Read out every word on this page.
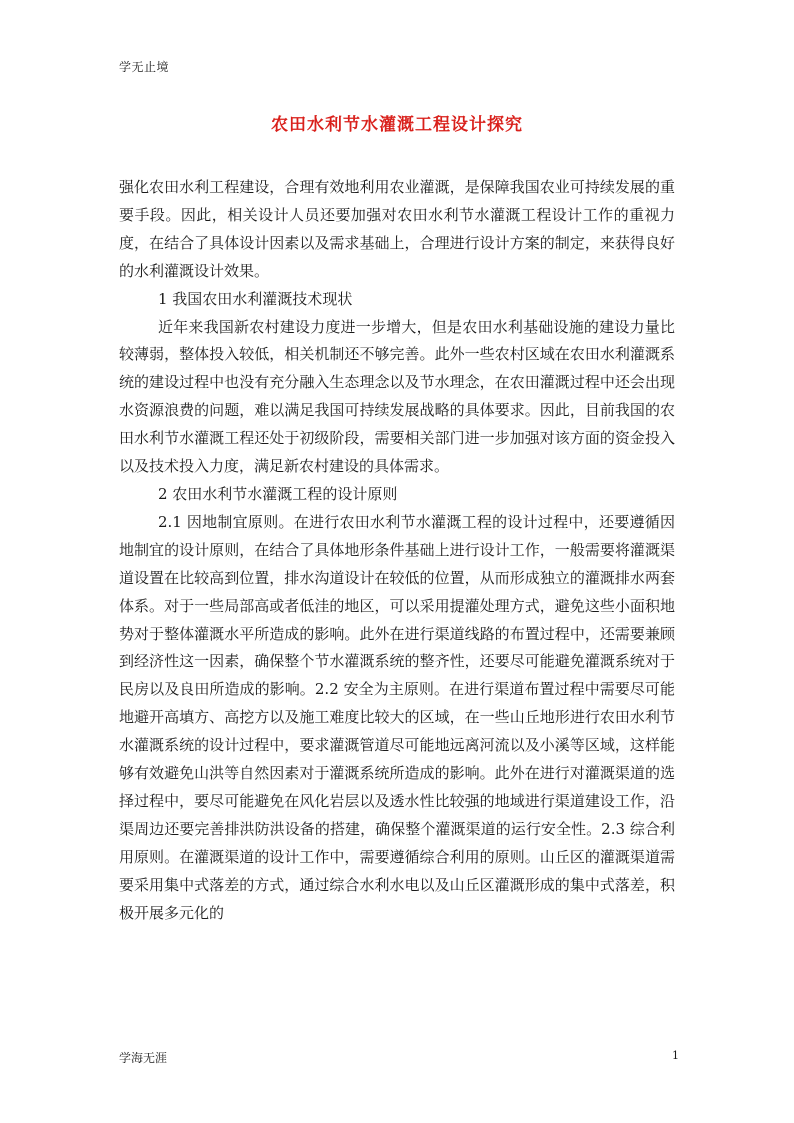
学无止境
农田水利节水灌溉工程设计探究

强化农田水利工程建设，合理有效地利用农业灌溉，是保障我国农业可持续发展的重要手段。因此，相关设计人员还要加强对农田水利节水灌溉工程设计工作的重视力度，在结合了具体设计因素以及需求基础上，合理进行设计方案的制定，来获得良好的水利灌溉设计效果。

1 我国农田水利灌溉技术现状

近年来我国新农村建设力度进一步增大，但是农田水利基础设施的建设力量比较薄弱，整体投入较低，相关机制还不够完善。此外一些农村区域在农田水利灌溉系统的建设过程中也没有充分融入生态理念以及节水理念，在农田灌溉过程中还会出现水资源浪费的问题，难以满足我国可持续发展战略的具体要求。因此，目前我国的农田水利节水灌溉工程还处于初级阶段，需要相关部门进一步加强对该方面的资金投入以及技术投入力度，满足新农村建设的具体需求。

2 农田水利节水灌溉工程的设计原则

2.1 因地制宜原则。在进行农田水利节水灌溉工程的设计过程中，还要遵循因地制宜的设计原则，在结合了具体地形条件基础上进行设计工作，一般需要将灌溉渠道设置在比较高到位置，排水沟道设计在较低的位置，从而形成独立的灌溉排水两套体系。对于一些局部高或者低洼的地区，可以采用提灌处理方式，避免这些小面积地势对于整体灌溉水平所造成的影响。此外在进行渠道线路的布置过程中，还需要兼顾到经济性这一因素，确保整个节水灌溉系统的整齐性，还要尽可能避免灌溉系统对于民房以及良田所造成的影响。2.2 安全为主原则。在进行渠道布置过程中需要尽可能地避开高填方、高挖方以及施工难度比较大的区域，在一些山丘地形进行农田水利节水灌溉系统的设计过程中，要求灌溉管道尽可能地远离河流以及小溪等区域，这样能够有效避免山洪等自然因素对于灌溉系统所造成的影响。此外在进行对灌溉渠道的选择过程中，要尽可能避免在风化岩层以及透水性比较强的地域进行渠道建设工作，沿渠周边还要完善排洪防洪设备的搭建，确保整个灌溉渠道的运行安全性。2.3 综合利用原则。在灌溉渠道的设计工作中，需要遵循综合利用的原则。山丘区的灌溉渠道需要采用集中式落差的方式，通过综合水利水电以及山丘区灌溉形成的集中式落差，积极开展多元化的

学海无涯	1
